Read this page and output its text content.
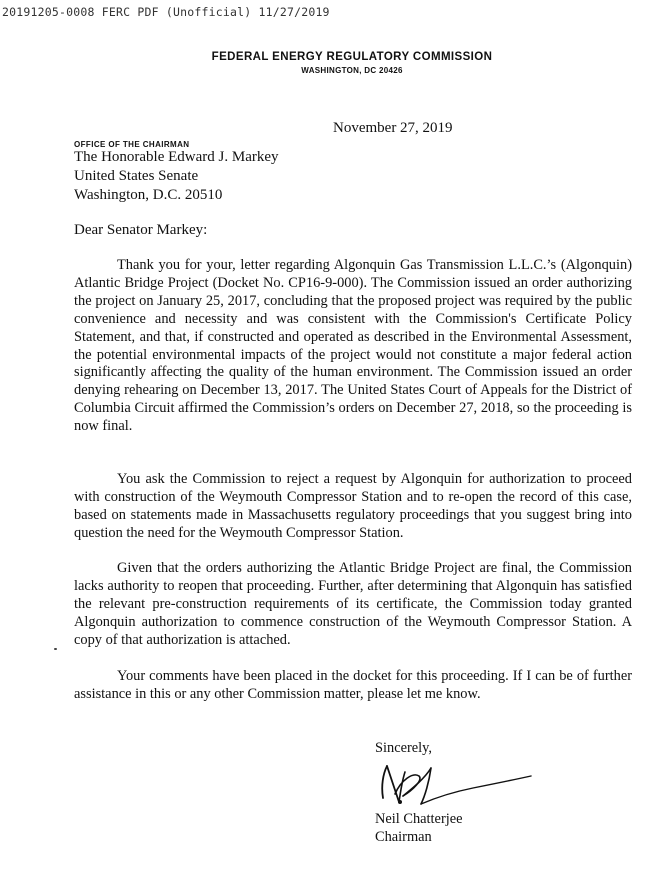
20191205-0008 FERC PDF (Unofficial) 11/27/2019
FEDERAL ENERGY REGULATORY COMMISSION
WASHINGTON, DC 20426
November 27, 2019
OFFICE OF THE CHAIRMAN
The Honorable Edward J. Markey
United States Senate
Washington, D.C. 20510
Dear Senator Markey:

Thank you for your, letter regarding Algonquin Gas Transmission L.L.C.’s (Algonquin) Atlantic Bridge Project (Docket No. CP16-9-000). The Commission issued an order authorizing the project on January 25, 2017, concluding that the proposed project was required by the public convenience and necessity and was consistent with the Commission's Certificate Policy Statement, and that, if constructed and operated as described in the Environmental Assessment, the potential environmental impacts of the project would not constitute a major federal action significantly affecting the quality of the human environment. The Commission issued an order denying rehearing on December 13, 2017. The United States Court of Appeals for the District of Columbia Circuit affirmed the Commission’s orders on December 27, 2018, so the proceeding is now final.

You ask the Commission to reject a request by Algonquin for authorization to proceed with construction of the Weymouth Compressor Station and to re-open the record of this case, based on statements made in Massachusetts regulatory proceedings that you suggest bring into question the need for the Weymouth Compressor Station.

Given that the orders authorizing the Atlantic Bridge Project are final, the Commission lacks authority to reopen that proceeding. Further, after determining that Algonquin has satisfied the relevant pre-construction requirements of its certificate, the Commission today granted Algonquin authorization to commence construction of the Weymouth Compressor Station. A copy of that authorization is attached.

Your comments have been placed in the docket for this proceeding. If I can be of further assistance in this or any other Commission matter, please let me know.

Sincerely,
Neil Chatterjee
Chairman
